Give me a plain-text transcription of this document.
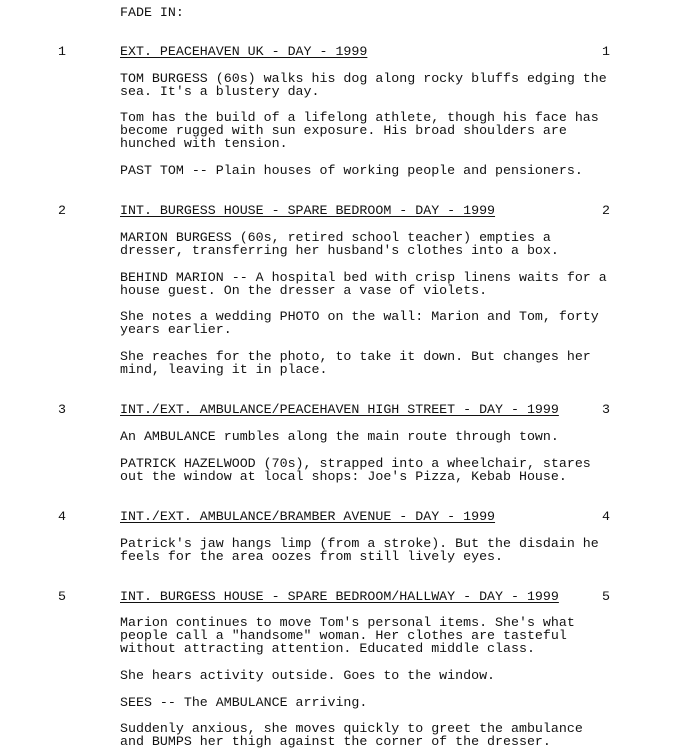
FADE IN:
1	EXT. PEACEHAVEN UK - DAY - 1999	1
TOM BURGESS (60s) walks his dog along rocky bluffs edging the
sea. It's a blustery day.
Tom has the build of a lifelong athlete, though his face has
become rugged with sun exposure. His broad shoulders are
hunched with tension.
PAST TOM -- Plain houses of working people and pensioners.
2	INT. BURGESS HOUSE - SPARE BEDROOM - DAY - 1999	2
MARION BURGESS (60s, retired school teacher) empties a
dresser, transferring her husband's clothes into a box.
BEHIND MARION -- A hospital bed with crisp linens waits for a
house guest. On the dresser a vase of violets.
She notes a wedding PHOTO on the wall: Marion and Tom, forty
years earlier.
She reaches for the photo, to take it down. But changes her
mind, leaving it in place.
3	INT./EXT. AMBULANCE/PEACEHAVEN HIGH STREET - DAY - 1999	3
An AMBULANCE rumbles along the main route through town.
PATRICK HAZELWOOD (70s), strapped into a wheelchair, stares
out the window at local shops: Joe's Pizza, Kebab House.
4	INT./EXT. AMBULANCE/BRAMBER AVENUE - DAY - 1999	4
Patrick's jaw hangs limp (from a stroke). But the disdain he
feels for the area oozes from still lively eyes.
5	INT. BURGESS HOUSE - SPARE BEDROOM/HALLWAY - DAY - 1999	5
Marion continues to move Tom's personal items. She's what
people call a "handsome" woman. Her clothes are tasteful
without attracting attention. Educated middle class.
She hears activity outside. Goes to the window.
SEES -- The AMBULANCE arriving.
Suddenly anxious, she moves quickly to greet the ambulance
and BUMPS her thigh against the corner of the dresser.
